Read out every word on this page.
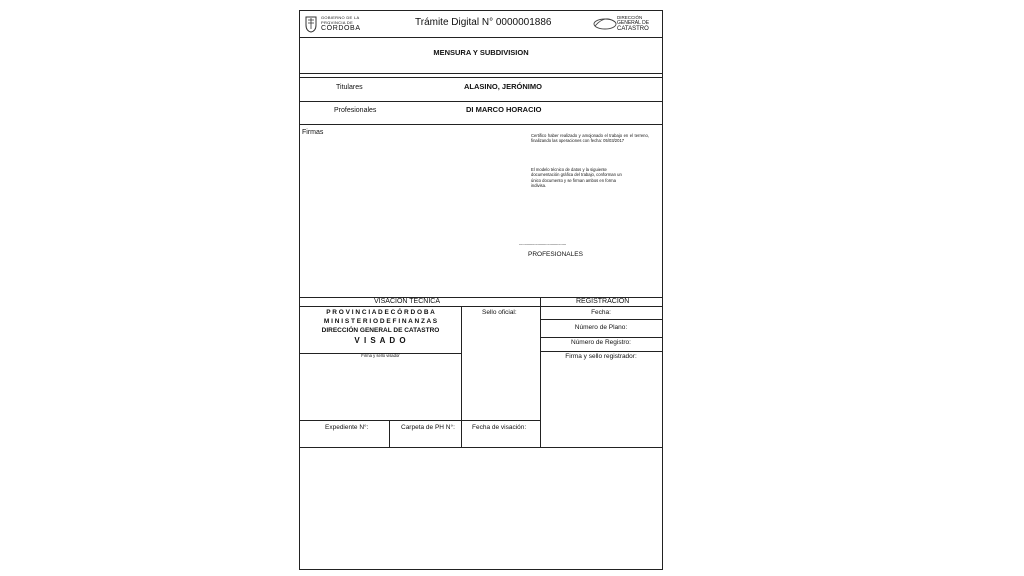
GOBIERNO DE LA
PROVINCIA DE
CÓRDOBA
Trámite Digital N° 0000001886	DIRECCIÓN
GENERAL DE
CATASTRO
MENSURA Y SUBDIVISION
Titulares	ALASINO, JERÓNIMO
Profesionales	DI MARCO HORACIO
Firmas	Certifico haber realizado y amojonado el trabajo en el terreno, finalizando las operaciones con fecha: 05/03/2017
El modelo técnico de datos y la siguiente documentación gráfica del trabajo, conforman un único documento y se firman ambos en forma indivisa.
...........................................
PROFESIONALES
VISACION TECNICA	REGISTRACION
P R O V I N C I A D E C Ó R D O B A
M I N I S T E R I O D E F I N A N Z A S
DIRECCIÓN GENERAL DE CATASTRO
V I S A D O
Firma y sello visador
Sello oficial:	Fecha:
Número de Plano:
Número de Registro:
Firma y sello registrador:
Expediente N°:	Carpeta de PH N°:	Fecha de visación:
